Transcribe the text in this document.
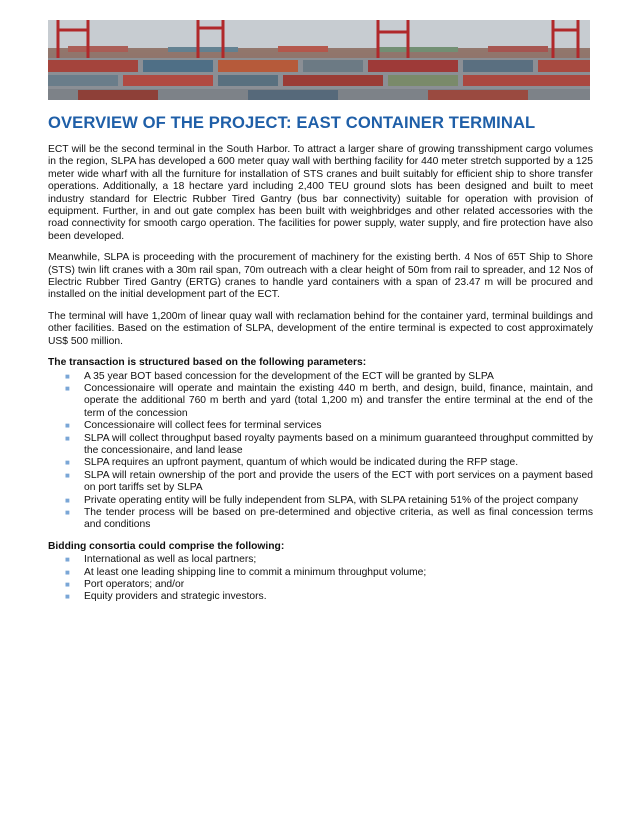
OVERVIEW OF THE PROJECT: EAST CONTAINER TERMINAL

ECT will be the second terminal in the South Harbor. To attract a larger share of growing transshipment cargo volumes in the region, SLPA has developed a 600 meter quay wall with berthing facility for 440 meter stretch supported by a 125 meter wide wharf with all the furniture for installation of STS cranes and built suitably for efficient ship to shore transfer operations. Additionally, a 18 hectare yard including 2,400 TEU ground slots has been designed and built to meet industry standard for Electric Rubber Tired Gantry (bus bar connectivity) suitable for operation with provision of equipment. Further, in and out gate complex has been built with weighbridges and other related accessories with the road connectivity for smooth cargo operation. The facilities for power supply, water supply, and fire protection have also been developed.

Meanwhile, SLPA is proceeding with the procurement of machinery for the existing berth. 4 Nos of 65T Ship to Shore (STS) twin lift cranes with a 30m rail span, 70m outreach with a clear height of 50m from rail to spreader, and 12 Nos of Electric Rubber Tired Gantry (ERTG) cranes to handle yard containers with a span of 23.47 m will be procured and installed on the initial development part of the ECT.

The terminal will have 1,200m of linear quay wall with reclamation behind for the container yard, terminal buildings and other facilities. Based on the estimation of SLPA, development of the entire terminal is expected to cost approximately US$ 500 million.

The transaction is structured based on the following parameters:
■ A 35 year BOT based concession for the development of the ECT will be granted by SLPA
■ Concessionaire will operate and maintain the existing 440 m berth, and design, build, finance, maintain, and operate the additional 760 m berth and yard (total 1,200 m) and transfer the entire terminal at the end of the term of the concession
■ Concessionaire will collect fees for terminal services
■ SLPA will collect throughput based royalty payments based on a minimum guaranteed throughput committed by the concessionaire, and land lease
■ SLPA requires an upfront payment, quantum of which would be indicated during the RFP stage.
■ SLPA will retain ownership of the port and provide the users of the ECT with port services on a payment based on port tariffs set by SLPA
■ Private operating entity will be fully independent from SLPA, with SLPA retaining 51% of the project company
■ The tender process will be based on pre-determined and objective criteria, as well as final concession terms and conditions
Bidding consortia could comprise the following:
■ International as well as local partners;
■ At least one leading shipping line to commit a minimum throughput volume;
■ Port operators; and/or
■ Equity providers and strategic investors.
